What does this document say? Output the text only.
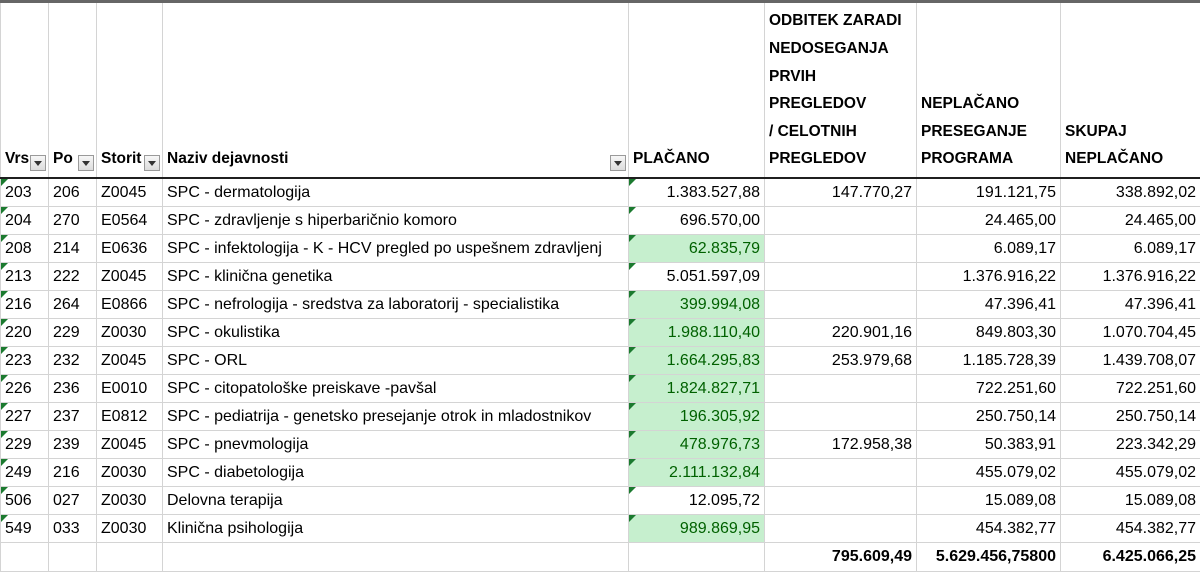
Vrs	Po	Storit	Naziv dejavnosti	PLAČANO	ODBITEK ZARADI
NEDOSEGANJA
PRVIH PREGLEDOV
/ CELOTNIH
PREGLEDOV	NEPLAČANO
PRESEGANJE
PROGRAMA	SKUPAJ
NEPLAČANO

203	206	Z0045	SPC - dermatologija	1.383.527,88	147.770,27	191.121,75	338.892,02
204	270	E0564	SPC - zdravljenje s hiperbaričnio komoro	696.570,00		24.465,00	24.465,00
208	214	E0636	SPC - infektologija - K - HCV pregled po uspešnem zdravljenj	62.835,79		6.089,17	6.089,17
213	222	Z0045	SPC - klinična genetika	5.051.597,09		1.376.916,22	1.376.916,22
216	264	E0866	SPC - nefrologija - sredstva za laboratorij - specialistika	399.994,08		47.396,41	47.396,41
220	229	Z0030	SPC - okulistika	1.988.110,40	220.901,16	849.803,30	1.070.704,45
223	232	Z0045	SPC - ORL	1.664.295,83	253.979,68	1.185.728,39	1.439.708,07
226	236	E0010	SPC - citopatološke preiskave -pavšal	1.824.827,71		722.251,60	722.251,60
227	237	E0812	SPC - pediatrija - genetsko presejanje otrok in mladostnikov	196.305,92		250.750,14	250.750,14
229	239	Z0045	SPC - pnevmologija	478.976,73	172.958,38	50.383,91	223.342,29
249	216	Z0030	SPC - diabetologija	2.111.132,84		455.079,02	455.079,02
506	027	Z0030	Delovna terapija	12.095,72		15.089,08	15.089,08
549	033	Z0030	Klinična psihologija	989.869,95		454.382,77	454.382,77
					795.609,49	5.629.456,75800	6.425.066,25
